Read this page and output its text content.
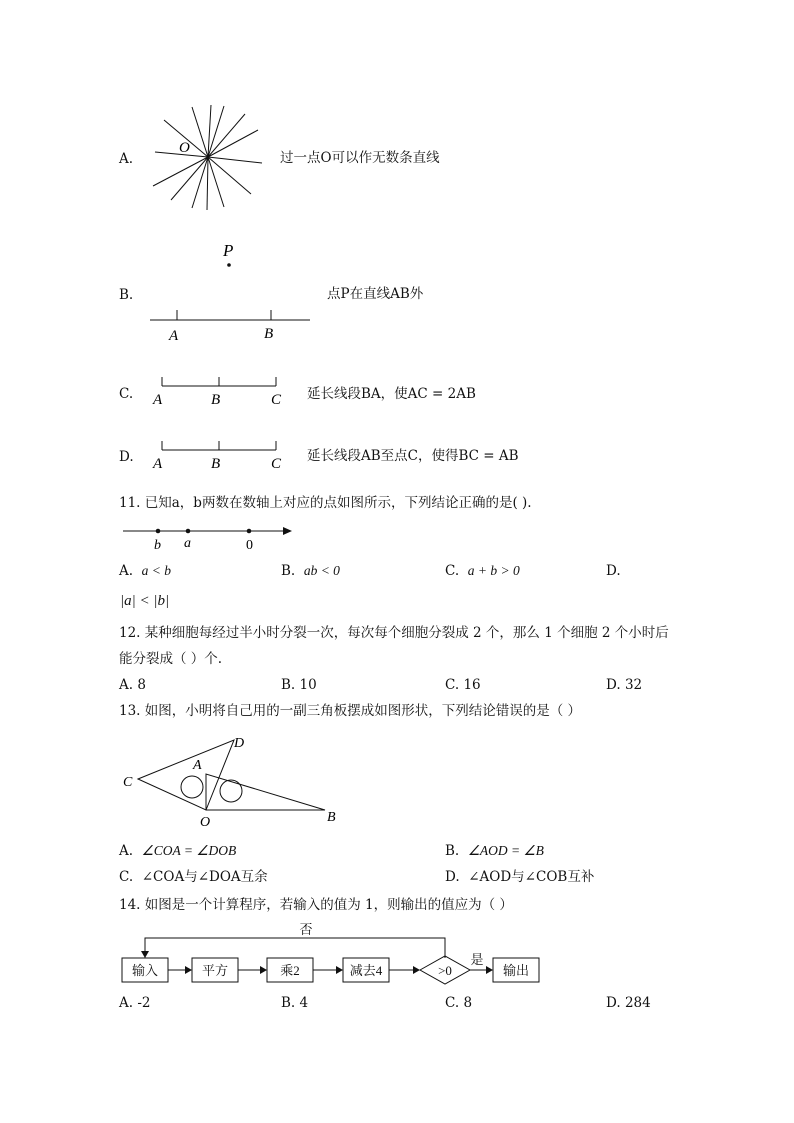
A.
O
过一点O可以作无数条直线
P
A	B
B.	点P在直线AB外
C. A	B	C 延长线段BA，使AC = 2AB
D. A	B	C 延长线段AB至点C，使得BC = AB
11. 已知a，b两数在数轴上对应的点如图所示，下列结论正确的是( ).
b a	0
A. a < b	B. ab < 0	C. a + b > 0	D.
|a| < |b|
12. 某种细胞每经过半小时分裂一次，每次每个细胞分裂成 2 个，那么 1 个细胞 2 个小时后
能分裂成（ ）个.
A. 8	B. 10	C. 16	D. 32
13. 如图，小明将自己用的一副三角板摆成如图形状，下列结论错误的是（ ）
D
A
C
O	B
A. ∠COA = ∠DOB	B. ∠AOD = ∠B
C. ∠COA与∠DOA互余	D. ∠AOD与∠COB互补
14. 如图是一个计算程序，若输入的值为 1，则输出的值应为（ ）
输入	平方	乘2	减去4	>0	输出
是
否
A. -2	B. 4	C. 8	D. 284
